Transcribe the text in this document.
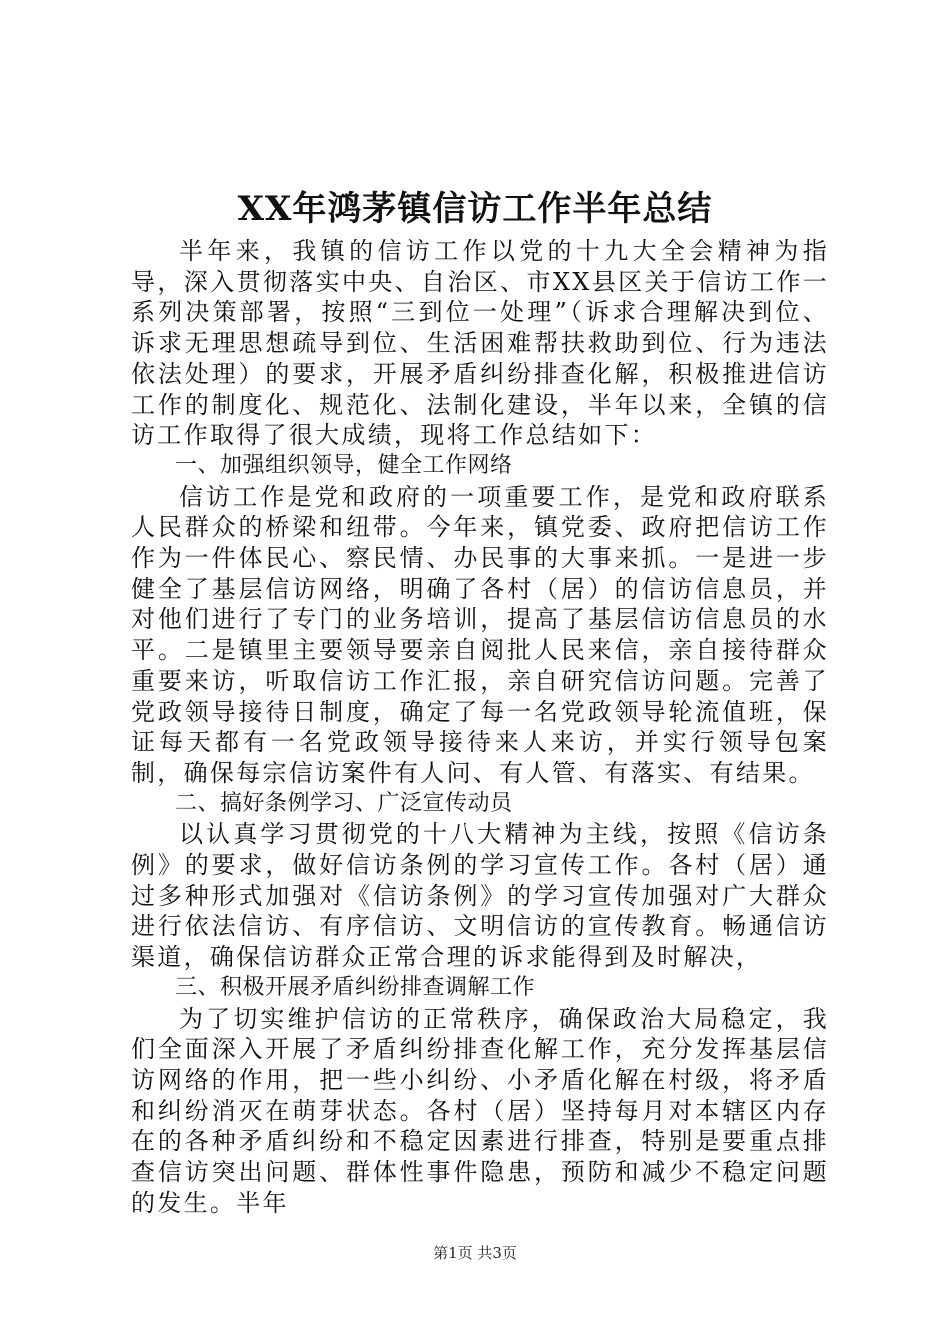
XX年鸿茅镇信访工作半年总结

半年来，我镇的信访工作以党的十九大全会精神为指导，深入贯彻落实中央、自治区、市XX县区关于信访工作一系列决策部署，按照“三到位一处理”（诉求合理解决到位、诉求无理思想疏导到位、生活困难帮扶救助到位、行为违法依法处理）的要求，开展矛盾纠纷排查化解，积极推进信访工作的制度化、规范化、法制化建设，半年以来，全镇的信访工作取得了很大成绩，现将工作总结如下：

一、加强组织领导，健全工作网络

信访工作是党和政府的一项重要工作，是党和政府联系人民群众的桥梁和纽带。今年来，镇党委、政府把信访工作作为一件体民心、察民情、办民事的大事来抓。一是进一步健全了基层信访网络，明确了各村（居）的信访信息员，并对他们进行了专门的业务培训，提高了基层信访信息员的水平。二是镇里主要领导要亲自阅批人民来信，亲自接待群众重要来访，听取信访工作汇报，亲自研究信访问题。完善了党政领导接待日制度，确定了每一名党政领导轮流值班，保证每天都有一名党政领导接待来人来访，并实行领导包案制，确保每宗信访案件有人问、有人管、有落实、有结果。

二、搞好条例学习、广泛宣传动员

以认真学习贯彻党的十八大精神为主线，按照《信访条例》的要求，做好信访条例的学习宣传工作。各村（居）通过多种形式加强对《信访条例》的学习宣传加强对广大群众进行依法信访、有序信访、文明信访的宣传教育。畅通信访渠道，确保信访群众正常合理的诉求能得到及时解决，

三、积极开展矛盾纠纷排查调解工作

为了切实维护信访的正常秩序，确保政治大局稳定，我们全面深入开展了矛盾纠纷排查化解工作，充分发挥基层信访网络的作用，把一些小纠纷、小矛盾化解在村级，将矛盾和纠纷消灭在萌芽状态。各村（居）坚持每月对本辖区内存在的各种矛盾纠纷和不稳定因素进行排查，特别是要重点排查信访突出问题、群体性事件隐患，预防和减少不稳定问题的发生。半年

第1页 共3页
